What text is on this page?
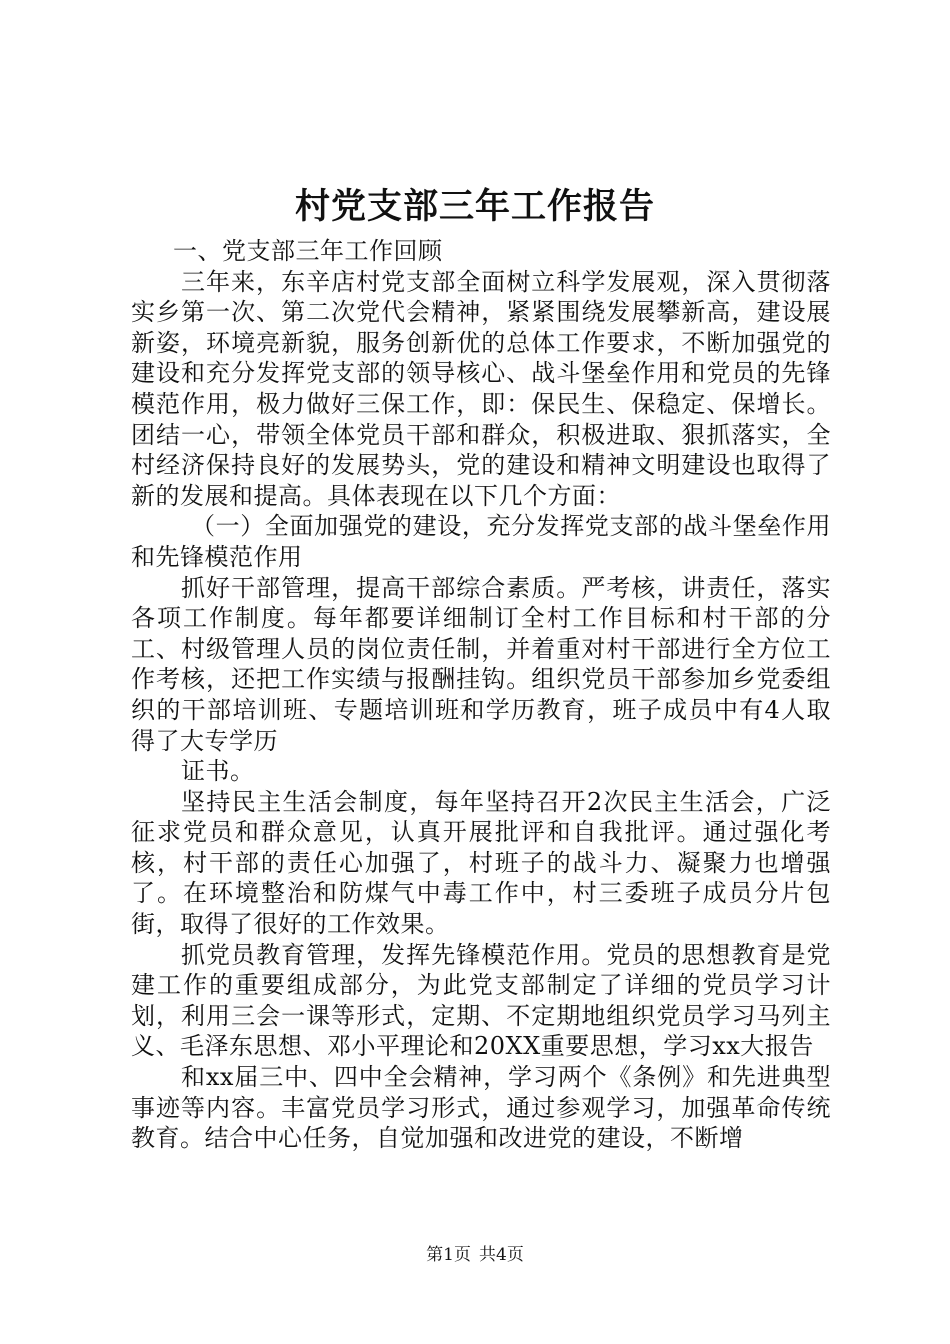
村党支部三年工作报告

一、党支部三年工作回顾

三年来，东辛店村党支部全面树立科学发展观，深入贯彻落实乡第一次、第二次党代会精神，紧紧围绕发展攀新高，建设展新姿，环境亮新貌，服务创新优的总体工作要求，不断加强党的建设和充分发挥党支部的领导核心、战斗堡垒作用和党员的先锋模范作用，极力做好三保工作，即：保民生、保稳定、保增长。团结一心，带领全体党员干部和群众，积极进取、狠抓落实，全村经济保持良好的发展势头，党的建设和精神文明建设也取得了新的发展和提高。具体表现在以下几个方面：

（一）全面加强党的建设，充分发挥党支部的战斗堡垒作用和先锋模范作用

抓好干部管理，提高干部综合素质。严考核，讲责任，落实各项工作制度。每年都要详细制订全村工作目标和村干部的分工、村级管理人员的岗位责任制，并着重对村干部进行全方位工作考核，还把工作实绩与报酬挂钩。组织党员干部参加乡党委组织的干部培训班、专题培训班和学历教育，班子成员中有4人取得了大专学历

证书。

坚持民主生活会制度，每年坚持召开2次民主生活会，广泛征求党员和群众意见，认真开展批评和自我批评。通过强化考核，村干部的责任心加强了，村班子的战斗力、凝聚力也增强了。在环境整治和防煤气中毒工作中，村三委班子成员分片包街，取得了很好的工作效果。

抓党员教育管理，发挥先锋模范作用。党员的思想教育是党建工作的重要组成部分，为此党支部制定了详细的党员学习计划，利用三会一课等形式，定期、不定期地组织党员学习马列主义、毛泽东思想、邓小平理论和20XX重要思想，学习xx大报告

和xx届三中、四中全会精神，学习两个《条例》和先进典型事迹等内容。丰富党员学习形式，通过参观学习，加强革命传统教育。结合中心任务，自觉加强和改进党的建设，不断增

第1页 共4页
